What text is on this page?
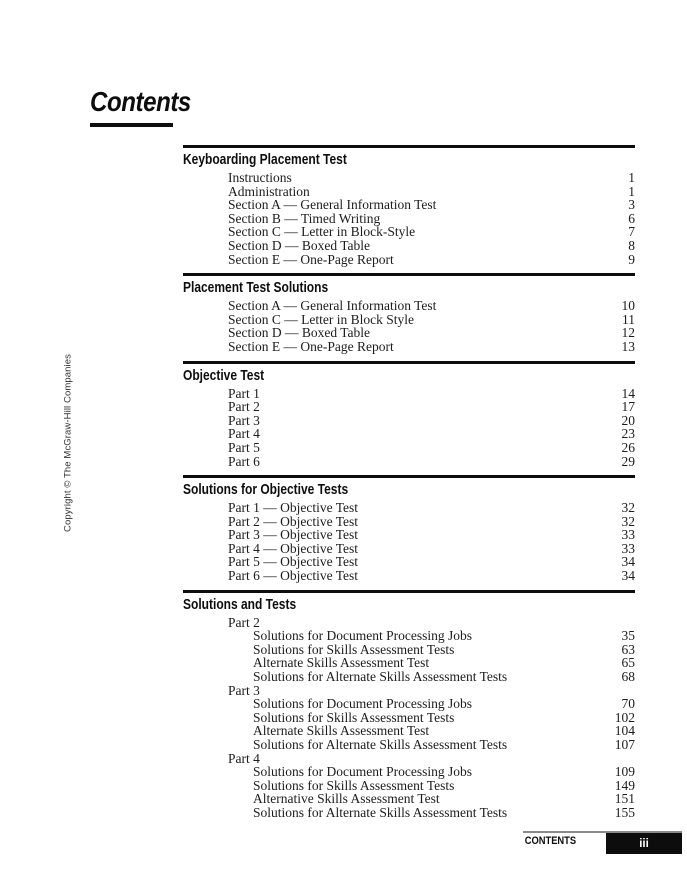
Contents
Copyright © The McGraw-Hill Companies
Keyboarding Placement Test
Instructions	1
Administration	1
Section A — General Information Test	3
Section B — Timed Writing	6
Section C — Letter in Block-Style	7
Section D — Boxed Table	8
Section E — One-Page Report	9
Placement Test Solutions
Section A — General Information Test	10
Section C — Letter in Block Style	11
Section D — Boxed Table	12
Section E — One-Page Report	13
Objective Test
Part 1	14
Part 2	17
Part 3	20
Part 4	23
Part 5	26
Part 6	29
Solutions for Objective Tests
Part 1 — Objective Test	32
Part 2 — Objective Test	32
Part 3 — Objective Test	33
Part 4 — Objective Test	33
Part 5 — Objective Test	34
Part 6 — Objective Test	34
Solutions and Tests
Part 2
Solutions for Document Processing Jobs	35
Solutions for Skills Assessment Tests	63
Alternate Skills Assessment Test	65
Solutions for Alternate Skills Assessment Tests	68
Part 3
Solutions for Document Processing Jobs	70
Solutions for Skills Assessment Tests	102
Alternate Skills Assessment Test	104
Solutions for Alternate Skills Assessment Tests	107
Part 4
Solutions for Document Processing Jobs	109
Solutions for Skills Assessment Tests	149
Alternative Skills Assessment Test	151
Solutions for Alternate Skills Assessment Tests	155
CONTENTS	iii
